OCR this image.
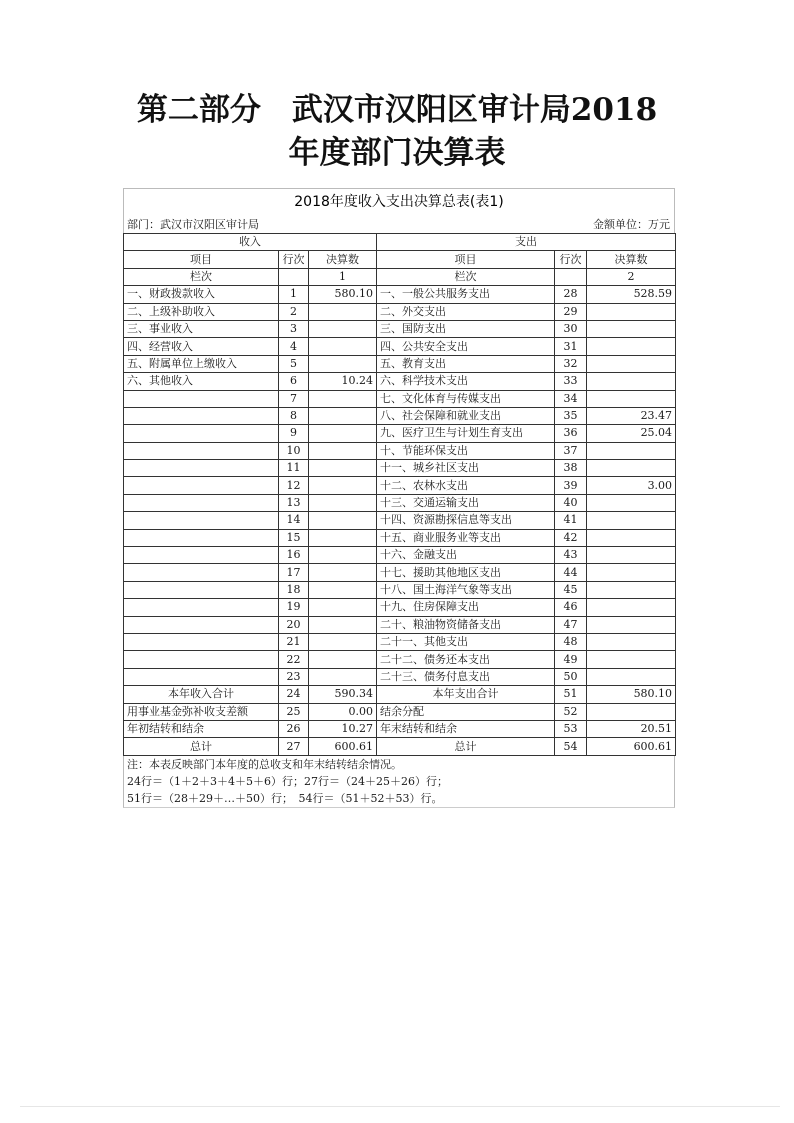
第二部分　武汉市汉阳区审计局2018
年度部门决算表
2018年度收入支出决算总表(表1)
部门：武汉市汉阳区审计局	金额单位：万元
收入			支出		
项目	行次	决算数	项目	行次	决算数
栏次		1	栏次		2
一、财政拨款收入	1	580.10	一、一般公共服务支出	28	528.59
二、上级补助收入	2		二、外交支出	29	
三、事业收入	3		三、国防支出	30	
四、经营收入	4		四、公共安全支出	31	
五、附属单位上缴收入	5		五、教育支出	32	
六、其他收入	6	10.24	六、科学技术支出	33	
	7		七、文化体育与传媒支出	34	
	8		八、社会保障和就业支出	35	23.47
	9		九、医疗卫生与计划生育支出	36	25.04
	10		十、节能环保支出	37	
	11		十一、城乡社区支出	38	
	12		十二、农林水支出	39	3.00
	13		十三、交通运输支出	40	
	14		十四、资源勘探信息等支出	41	
	15		十五、商业服务业等支出	42	
	16		十六、金融支出	43	
	17		十七、援助其他地区支出	44	
	18		十八、国土海洋气象等支出	45	
	19		十九、住房保障支出	46	
	20		二十、粮油物资储备支出	47	
	21		二十一、其他支出	48	
	22		二十二、债务还本支出	49	
	23		二十三、债务付息支出	50	
本年收入合计	24	590.34	本年支出合计	51	580.10
用事业基金弥补收支差额	25	0.00	结余分配	52	
年初结转和结余	26	10.27	年末结转和结余	53	20.51
总计	27	600.61	总计	54	600.61
注：本表反映部门本年度的总收支和年末结转结余情况。
24行＝（1＋2＋3＋4＋5＋6）行；27行＝（24＋25＋26）行；
51行＝（28＋29＋…＋50）行；　54行＝（51＋52＋53）行。
